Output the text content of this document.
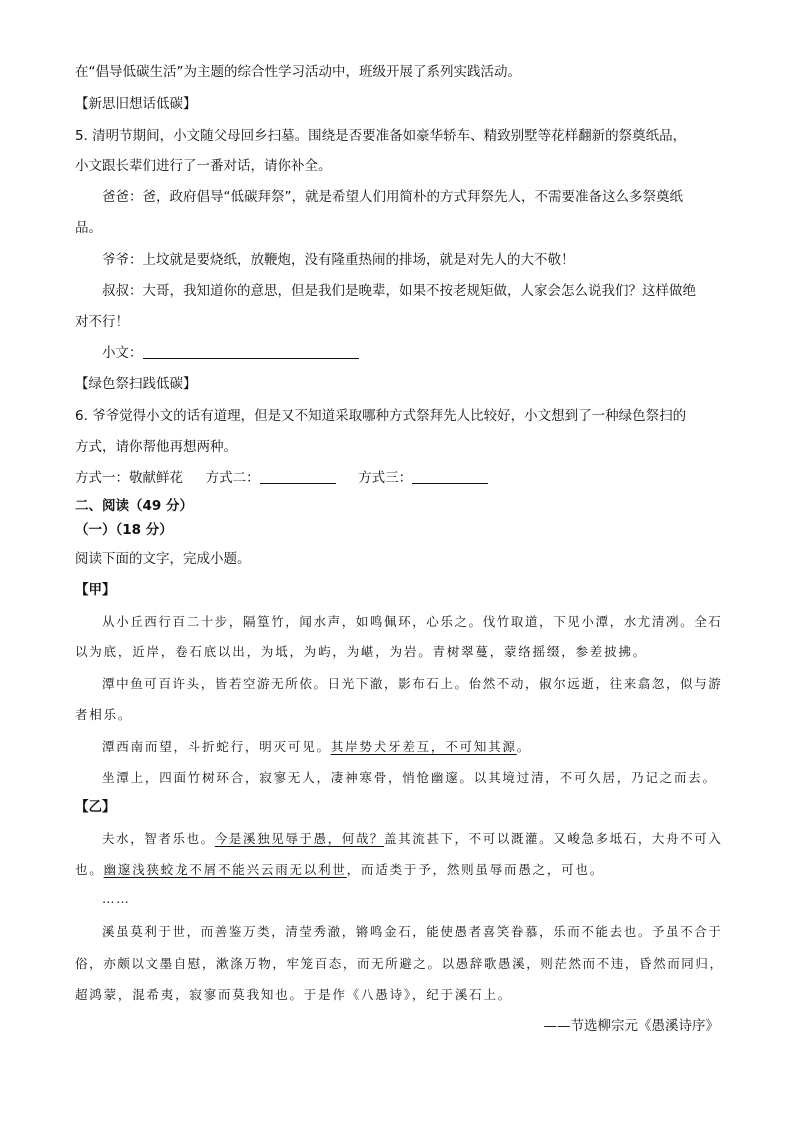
在“倡导低碳生活”为主题的综合性学习活动中，班级开展了系列实践活动。
【新思旧想话低碳】
5. 清明节期间，小文随父母回乡扫墓。围绕是否要准备如豪华轿车、精致别墅等花样翻新的祭奠纸品，
小文跟长辈们进行了一番对话，请你补全。
爸爸：爸，政府倡导“低碳拜祭”，就是希望人们用简朴的方式拜祭先人，不需要准备这么多祭奠纸
品。
爷爷：上坟就是要烧纸，放鞭炮，没有隆重热闹的排场，就是对先人的大不敬！
叔叔：大哥，我知道你的意思，但是我们是晚辈，如果不按老规矩做，人家会怎么说我们？这样做绝
对不行！
小文：
【绿色祭扫践低碳】
6. 爷爷觉得小文的话有道理，但是又不知道采取哪种方式祭拜先人比较好，小文想到了一种绿色祭扫的
方式，请你帮他再想两种。
方式一：敬献鲜花 方式二：	方式三：
二、阅读（49 分）
（一）（18 分）
阅读下面的文字，完成小题。
【甲】
从小丘西行百二十步，隔篁竹，闻水声，如鸣佩环，心乐之。伐竹取道，下见小潭，水尤清冽。全石
以为底，近岸，卷石底以出，为坻，为屿，为嵁，为岩。青树翠蔓，蒙络摇缀，参差披拂。
潭中鱼可百许头，皆若空游无所依。日光下澈，影布石上。佁然不动，俶尔远逝，往来翕忽，似与游
者相乐。
潭西南而望，斗折蛇行，明灭可见。其岸势犬牙差互，不可知其源。
坐潭上，四面竹树环合，寂寥无人，凄神寒骨，悄怆幽邃。以其境过清，不可久居，乃记之而去。
【乙】
夫水，智者乐也。今是溪独见辱于愚，何哉？盖其流甚下，不可以溉灌。又峻急多坻石，大舟不可入
也。幽邃浅狭蛟龙不屑不能兴云雨无以利世，而适类于予，然则虽辱而愚之，可也。
……
溪虽莫利于世，而善鉴万类，清莹秀澈，锵鸣金石，能使愚者喜笑眷慕，乐而不能去也。予虽不合于
俗，亦颇以文墨自慰，漱涤万物，牢笼百态，而无所避之。以愚辞歌愚溪，则茫然而不违，昏然而同归，
超鸿蒙，混希夷，寂寥而莫我知也。于是作《八愚诗》，纪于溪石上。
——节选柳宗元《愚溪诗序》
